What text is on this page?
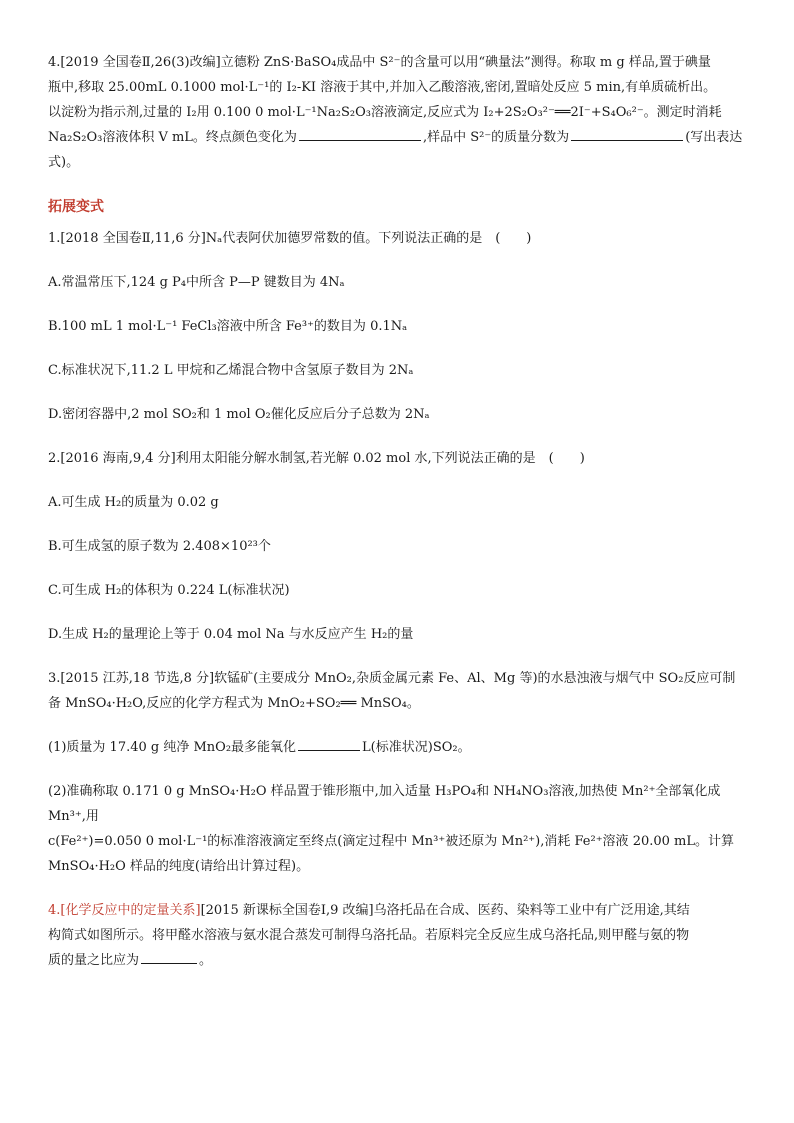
4.[2019 全国卷Ⅱ,26(3)改编]立德粉 ZnS·BaSO₄成品中 S²⁻的含量可以用“碘量法”测得。称取 m g 样品,置于碘量

瓶中,移取 25.00mL 0.1000 mol·L⁻¹的 I₂-KI 溶液于其中,并加入乙酸溶液,密闭,置暗处反应 5 min,有单质硫析出。

以淀粉为指示剂,过量的 I₂用 0.100 0 mol·L⁻¹Na₂S₂O₃溶液滴定,反应式为 I₂+2S₂O₃²⁻══2I⁻+S₄O₆²⁻。测定时消耗

Na₂S₂O₃溶液体积 V mL。终点颜色变化为	,样品中 S²⁻的质量分数为	(写出表达

式)。

拓展变式

1.[2018 全国卷Ⅱ,11,6 分]Nₐ代表阿伏加德罗常数的值。下列说法正确的是　(　　)

A.常温常压下,124 g P₄中所含 P—P 键数目为 4Nₐ

B.100 mL 1 mol·L⁻¹ FeCl₃溶液中所含 Fe³⁺的数目为 0.1Nₐ

C.标准状况下,11.2 L 甲烷和乙烯混合物中含氢原子数目为 2Nₐ

D.密闭容器中,2 mol SO₂和 1 mol O₂催化反应后分子总数为 2Nₐ

2.[2016 海南,9,4 分]利用太阳能分解水制氢,若光解 0.02 mol 水,下列说法正确的是　(　　)

A.可生成 H₂的质量为 0.02 g

B.可生成氢的原子数为 2.408×10²³个

C.可生成 H₂的体积为 0.224 L(标准状况)

D.生成 H₂的量理论上等于 0.04 mol Na 与水反应产生 H₂的量

3.[2015 江苏,18 节选,8 分]软锰矿(主要成分 MnO₂,杂质金属元素 Fe、Al、Mg 等)的水悬浊液与烟气中 SO₂反应可制

备 MnSO₄·H₂O,反应的化学方程式为 MnO₂+SO₂══ MnSO₄。

(1)质量为 17.40 g 纯净 MnO₂最多能氧化	L(标准状况)SO₂。

(2)准确称取 0.171 0 g MnSO₄·H₂O 样品置于锥形瓶中,加入适量 H₃PO₄和 NH₄NO₃溶液,加热使 Mn²⁺全部氧化成 Mn³⁺,用

c(Fe²⁺)=0.050 0 mol·L⁻¹的标准溶液滴定至终点(滴定过程中 Mn³⁺被还原为 Mn²⁺),消耗 Fe²⁺溶液 20.00 mL。计算

MnSO₄·H₂O 样品的纯度(请给出计算过程)。

4.[化学反应中的定量关系][2015 新课标全国卷Ⅰ,9 改编]乌洛托品在合成、医药、染料等工业中有广泛用途,其结

构简式如图所示。将甲醛水溶液与氨水混合蒸发可制得乌洛托品。若原料完全反应生成乌洛托品,则甲醛与氨的物

质的量之比应为	。
